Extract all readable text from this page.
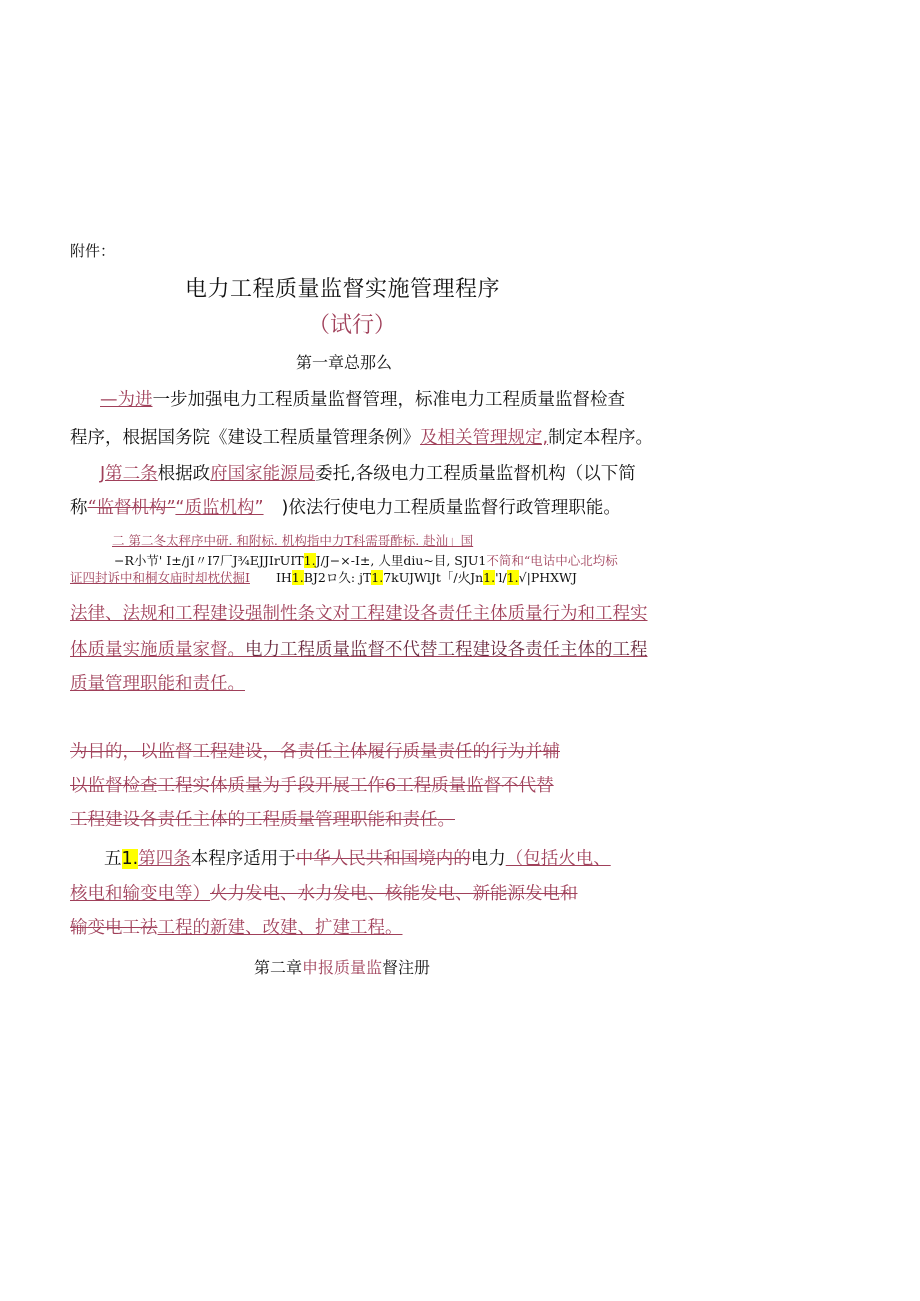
附件：
电力工程质量监督实施管理程序
（试行）
第一章总那么
—为进一步加强电力工程质量监督管理，标准电力工程质量监督检查
程序，根据国务院《建设工程质量管理条例》及相关管理规定,制定本程序。
J第二条根据政府国家能源局委托,各级电力工程质量监督机构（以下简
称“监督机构”“质监机构” )依法行使电力工程质量监督行政管理职能。
二 第二冬太秤序中研. 和附标. 机构指中力T科需哥酢标. 赴汕」国
−R小节' I±/jI〃I7厂J¾EJJIrUIT1.J/J−×-I±, 人里diu~目, SJU1不简和“电诂中心北均标
证四封诉中和桐女庙时却枕伏掘I IH1.BJ2ロ久: jT1.7kUJWlJt「/火Jn1.'l/1.√|PHXWJ
法律、法规和工程建设强制性条文对工程建设各责任主体质量行为和工程实
体质量实施质量家督。电力工程质量监督不代替工程建设各责任主体的工程
质量管理职能和责任。
为目的，以监督工程建设，各责任主体履行质量责任的行为并辅
以监督检查工程实体质量为手段开展工作6工程质量监督不代替
工程建设各责任主体的工程质量管理职能和责任。
五1.第四条本程序适用于中华人民共和国境内的电力（包括火电、
核电和输变电等）火力发电、水力发电、核能发电、新能源发电和
输变电工祛工程的新建、改建、扩建工程。
第二章申报质量监督注册
